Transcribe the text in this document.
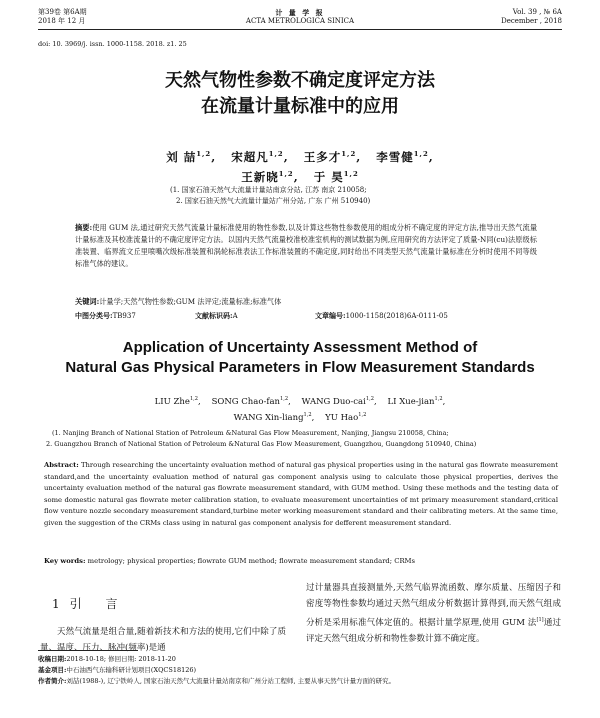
第39卷 第6A期
2018 年 12 月
计 量 学 报
ACTA METROLOGICA SINICA
Vol. 39 , № 6A
December , 2018
doi: 10. 3969/j. issn. 1000-1158. 2018. z1. 25
天然气物性参数不确定度评定方法
在流量计量标准中的应用
刘 喆$^{1,2}$,   宋超凡$^{1,2}$,   王多才$^{1,2}$,   李雪健$^{1,2}$,
王新晓$^{1,2}$,   于 昊$^{1,2}$
(1. 国家石油天然气大流量计量站南京分站, 江苏 南京 210058;
2. 国家石油天然气大流量计量站广州分站, 广东 广州 510940)
摘要:使用 GUM 法,通过研究天然气流量计量标准使用的物性参数,以及计算这些物性参数使用的组成分析不确定度的评定方法,推导出天然气流量计量标准及其校准流量计的不确定度评定方法。以国内天然气流量校准校准室机构的测试数据为例,应用研究的方法评定了质量-N同(cu)法原级标准装置、临界流文丘里喷嘴次级标准装置和涡轮标准表法工作标准装置的不确定度,同时给出不同类型天然气流量计量标准在分析时使用不同等级标准气体的建议。
关键词:计量学;天然气物性参数;GUM 法评定;流量标准;标准气体
中图分类号:TB937	文献标识码:A	文章编号:1000-1158(2018)6A-0111-05
Application of Uncertainty Assessment Method of
Natural Gas Physical Parameters in Flow Measurement Standards
LIU Zhe$^{1,2}$,    SONG Chao-fan$^{1,2}$,    WANG Duo-cai$^{1,2}$,    LI Xue-jian$^{1,2}$,
WANG Xin-liang$^{1,2}$,    YU Hao$^{1,2}$
(1. Nanjing Branch of National Station of Petroleum &Natural Gas Flow Measurement, Nanjing, Jiangsu 210058, China;
2. Guangzhou Branch of National Station of Petroleum &Natural Gas Flow Measurement, Guangzhou, Guangdong 510940, China)
Abstract: Through researching the uncertainty evaluation method of natural gas physical properties using in the natural gas flowrate measurement standard,and the uncertainty evaluation method of natural gas component analysis using to calculate those physical properties, derives the uncertainty evaluation method of the natural gas flowrate measurement standard, with GUM method. Using these methods and the testing data of some domestic natural gas flowrate meter calibration station, to evaluate measurement uncertainties of mt primary measurement standard,critical flow venture nozzle secondary measurement standard,turbine meter working measurement standard and their calibrating meters. At the same time, given the suggestion of the CRMs class using in natural gas component analysis for defferent measurement standard.
Key words: metrology; physical properties; flowrate GUM method; flowrate measurement standard; CRMs
1引 言
天然气流量是组合量,随着新技术和方法的使用,它们中除了质量、温度、压力、脉冲(频率)是通
过计量器具直接测量外,天然气临界流函数、摩尔质量、压缩因子和密度等物性参数均通过天然气组成分析数据计算得到,而天然气组成分析是采用标准气体定值的。根据计量学原理,使用 GUM 法[1]通过评定天然气组成分析和物性参数计算不确定度。
收稿日期:2018-10-18; 修回日期: 2018-11-20
基金项目:中石油西气东输科研计划项目(XQCS18126)
作者简介:刘喆(1988-), 辽宁铁岭人, 国家石油天然气大流量计量站南京和广州分站工程师, 主要从事天然气计量方面的研究。
